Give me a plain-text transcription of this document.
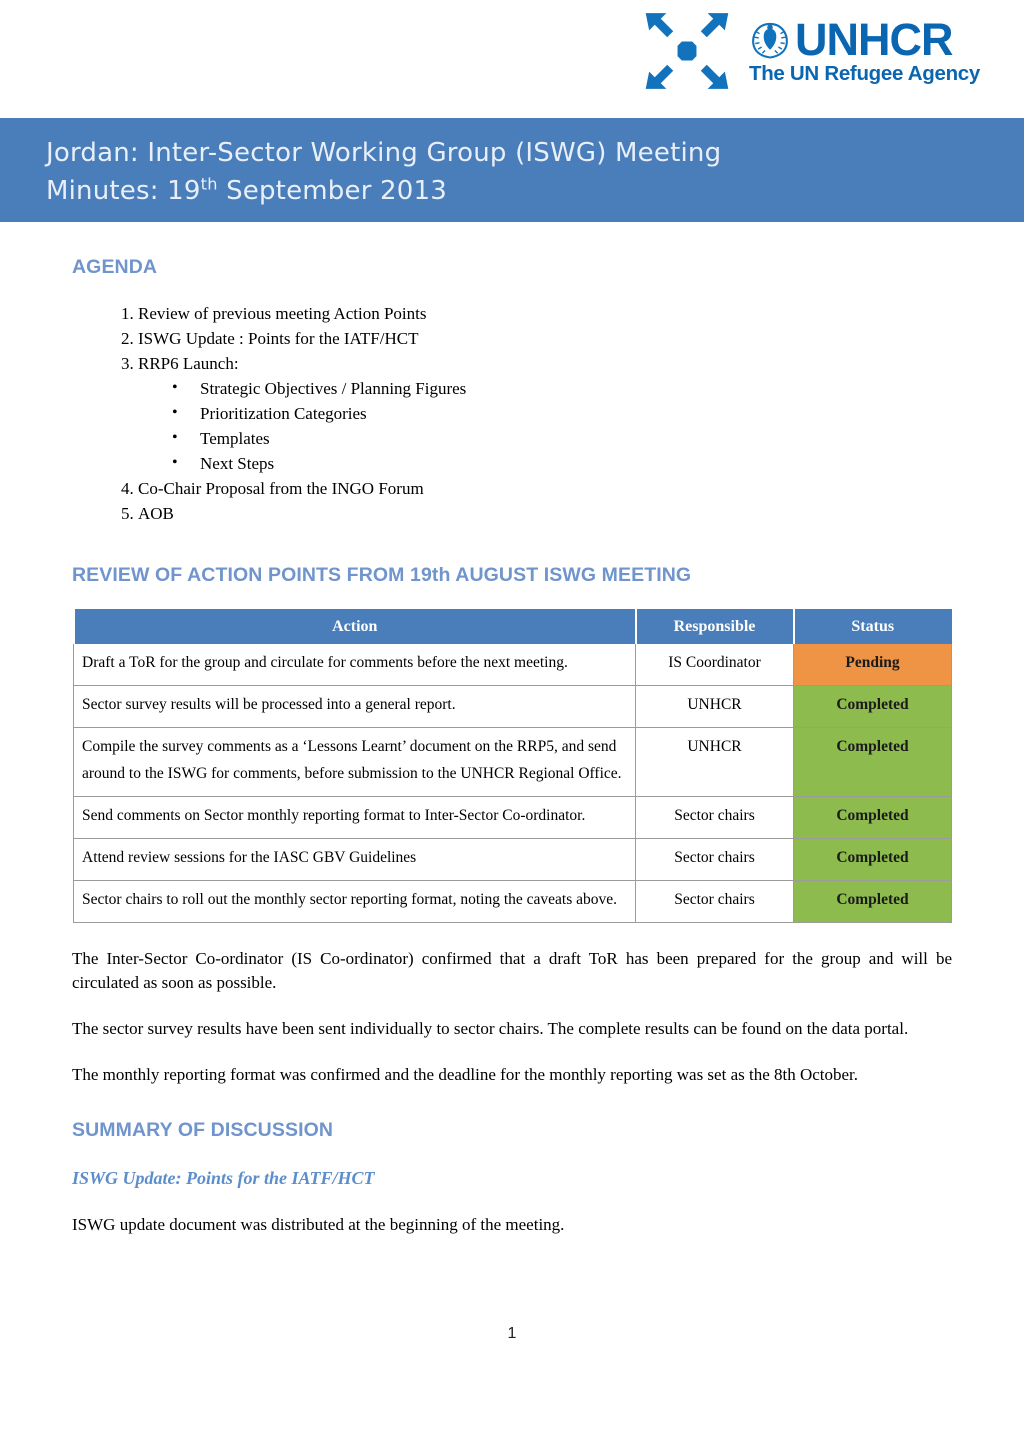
UNHCR
The UN Refugee Agency
Jordan: Inter-Sector Working Group (ISWG) Meeting
Minutes: 19th September 2013
AGENDA
1. Review of previous meeting Action Points
2. ISWG Update : Points for the IATF/HCT
3. RRP6 Launch:
• Strategic Objectives / Planning Figures
• Prioritization Categories
• Templates
• Next Steps
4. Co-Chair Proposal from the INGO Forum
5. AOB
REVIEW OF ACTION POINTS FROM 19th AUGUST ISWG MEETING
Action	Responsible	Status
Draft a ToR for the group and circulate for comments before the next meeting.	IS Coordinator	Pending
Sector survey results will be processed into a general report.	UNHCR	Completed
Compile the survey comments as a ‘Lessons Learnt’ document on the RRP5, and send around to the ISWG for comments, before submission to the UNHCR Regional Office.	UNHCR	Completed
Send comments on Sector monthly reporting format to Inter-Sector Co-ordinator.	Sector chairs	Completed
Attend review sessions for the IASC GBV Guidelines	Sector chairs	Completed
Sector chairs to roll out the monthly sector reporting format, noting the caveats above.	Sector chairs	Completed

The Inter-Sector Co-ordinator (IS Co-ordinator) confirmed that a draft ToR has been prepared for the group and will be circulated as soon as possible.

The sector survey results have been sent individually to sector chairs. The complete results can be found on the data portal.

The monthly reporting format was confirmed and the deadline for the monthly reporting was set as the 8th October.

SUMMARY OF DISCUSSION
ISWG Update: Points for the IATF/HCT

ISWG update document was distributed at the beginning of the meeting.

1
